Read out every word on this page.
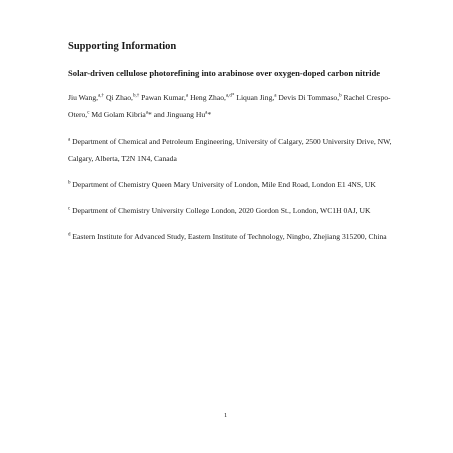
Supporting Information
Solar-driven cellulose photorefining into arabinose over oxygen-doped carbon nitride
Jiu Wang,$^{a,\dagger}$ Qi Zhao,$^{b,\dagger}$ Pawan Kumar,$^a$ Heng Zhao,$^{a,d*}$ Liquan Jing,$^a$ Devis Di Tommaso,$^b$ Rachel Crespo-Otero,$^c$ Md Golam Kibria$^a$* and Jinguang Hu$^a$*
$^a$ Department of Chemical and Petroleum Engineering, University of Calgary, 2500 University Drive, NW, Calgary, Alberta, T2N 1N4, Canada
$^b$ Department of Chemistry Queen Mary University of London, Mile End Road, London E1 4NS, UK
$^c$ Department of Chemistry University College London, 2020 Gordon St., London, WC1H 0AJ, UK
$^d$ Eastern Institute for Advanced Study, Eastern Institute of Technology, Ningbo, Zhejiang 315200, China
1
